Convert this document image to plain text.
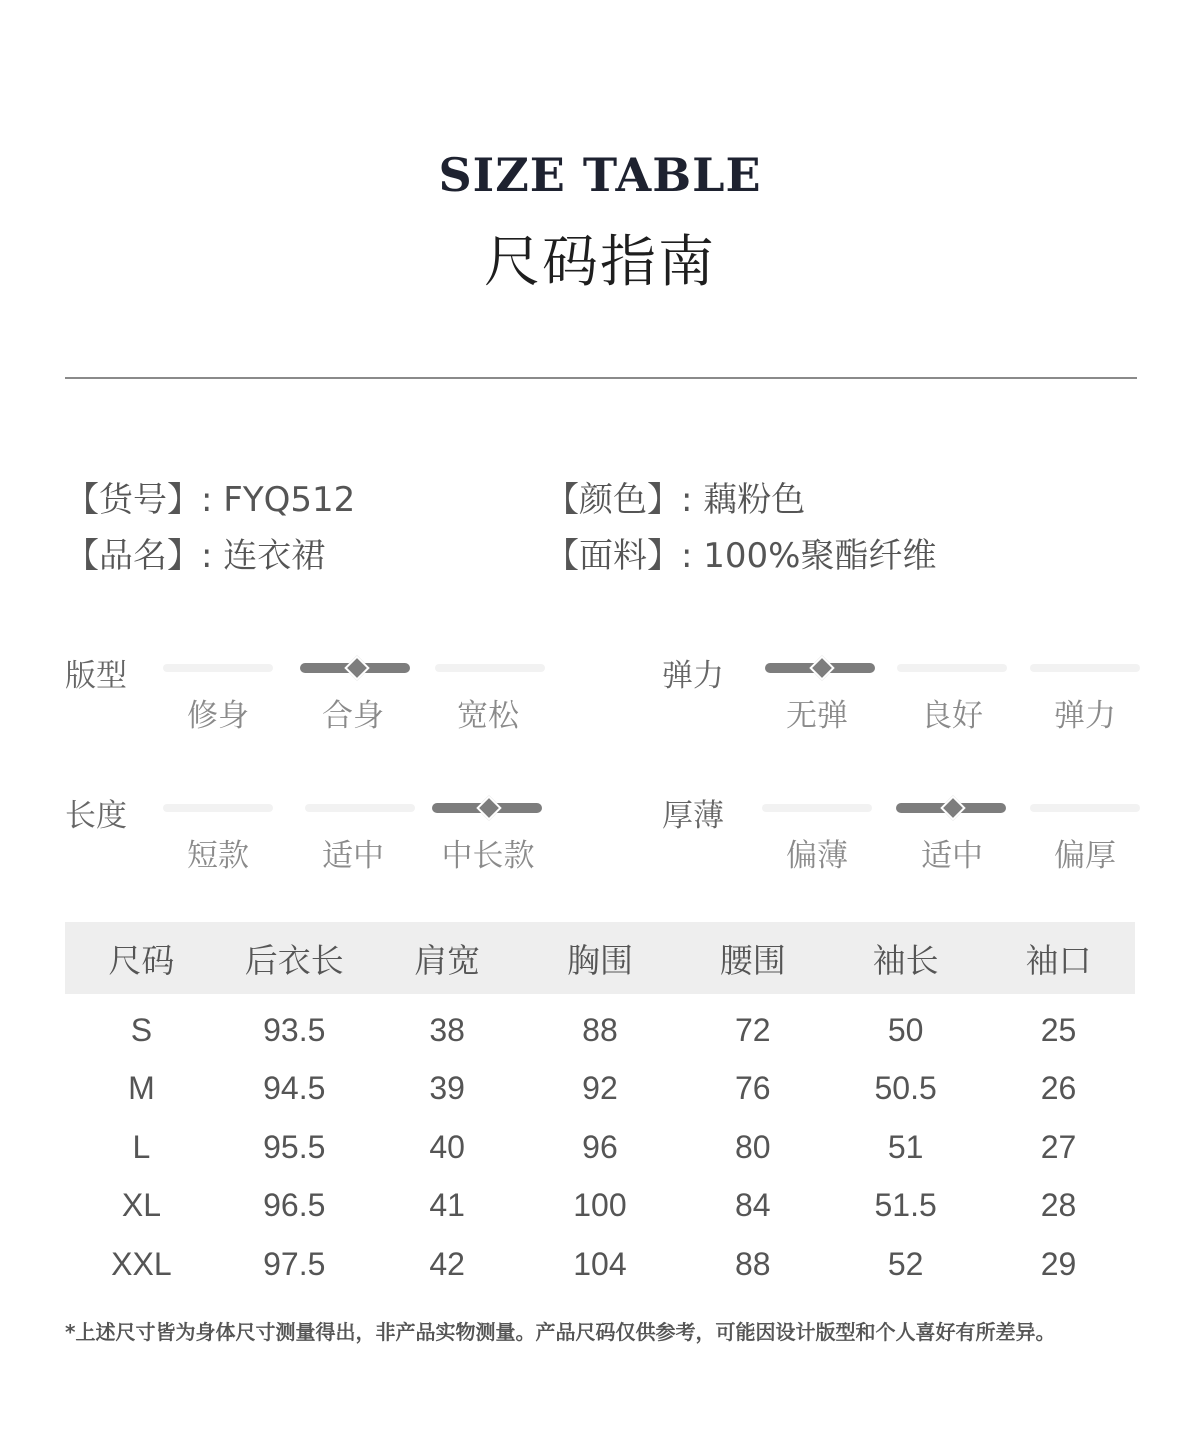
SIZE TABLE
尺码指南
【货号】: FYQ512	【颜色】: 藕粉色
【品名】: 连衣裙	【面料】: 100%聚酯纤维
版型
修身	合身	宽松
弹力
无弹	良好	弹力
长度
短款	适中	中长款
厚薄
偏薄	适中	偏厚
尺码	后衣长	肩宽	胸围	腰围	袖长	袖口
S	93.5	38	88	72	50	25
M	94.5	39	92	76	50.5	26
L	95.5	40	96	80	51	27
XL	96.5	41	100	84	51.5	28
XXL	97.5	42	104	88	52	29
*上述尺寸皆为身体尺寸测量得出，非产品实物测量。产品尺码仅供参考，可能因设计版型和个人喜好有所差异。
